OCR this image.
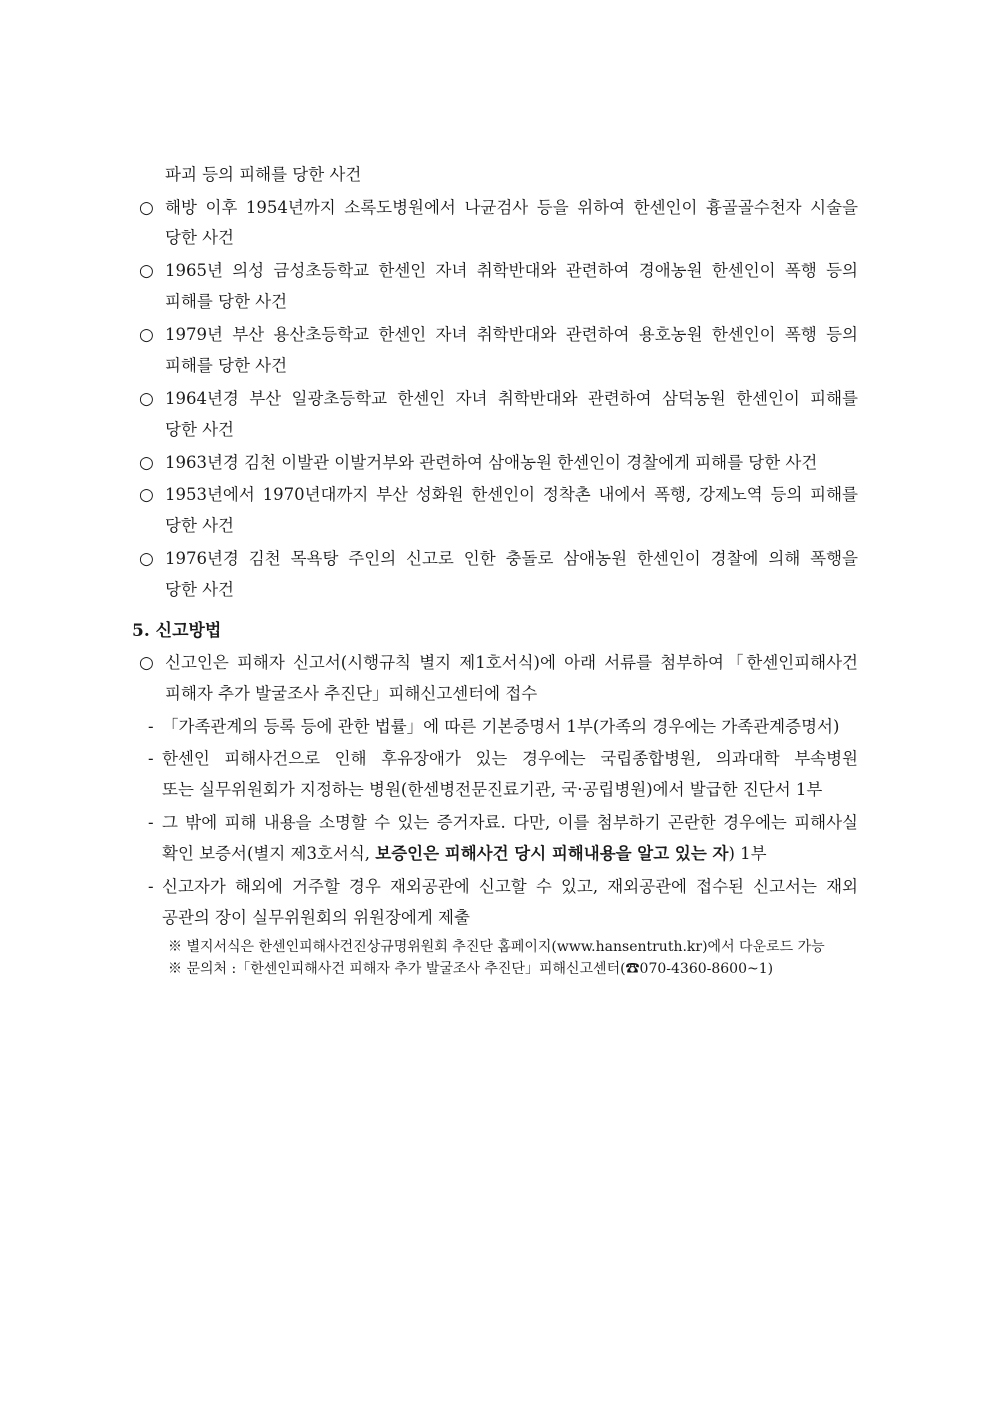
파괴 등의 피해를 당한 사건
○ 해방 이후 1954년까지 소록도병원에서 나균검사 등을 위하여 한센인이 흉골골수천자 시술을
당한 사건
○ 1965년 의성 금성초등학교 한센인 자녀 취학반대와 관련하여 경애농원 한센인이 폭행 등의
피해를 당한 사건
○ 1979년 부산 용산초등학교 한센인 자녀 취학반대와 관련하여 용호농원 한센인이 폭행 등의
피해를 당한 사건
○ 1964년경 부산 일광초등학교 한센인 자녀 취학반대와 관련하여 삼덕농원 한센인이 피해를
당한 사건
○ 1963년경 김천 이발관 이발거부와 관련하여 삼애농원 한센인이 경찰에게 피해를 당한 사건
○ 1953년에서 1970년대까지 부산 성화원 한센인이 정착촌 내에서 폭행, 강제노역 등의 피해를
당한 사건
○ 1976년경 김천 목욕탕 주인의 신고로 인한 충돌로 삼애농원 한센인이 경찰에 의해 폭행을
당한 사건
5. 신고방법
○ 신고인은 피해자 신고서(시행규칙 별지 제1호서식)에 아래 서류를 첨부하여「한센인피해사건
피해자 추가 발굴조사 추진단」피해신고센터에 접수
- 「가족관계의 등록 등에 관한 법률」에 따른 기본증명서 1부(가족의 경우에는 가족관계증명서)
- 한센인 피해사건으로 인해 후유장애가 있는 경우에는 국립종합병원, 의과대학 부속병원
또는 실무위원회가 지정하는 병원(한센병전문진료기관, 국·공립병원)에서 발급한 진단서 1부
- 그 밖에 피해 내용을 소명할 수 있는 증거자료. 다만, 이를 첨부하기 곤란한 경우에는 피해사실
확인 보증서(별지 제3호서식, 보증인은 피해사건 당시 피해내용을 알고 있는 자) 1부
- 신고자가 해외에 거주할 경우 재외공관에 신고할 수 있고, 재외공관에 접수된 신고서는 재외
공관의 장이 실무위원회의 위원장에게 제출
※ 별지서식은 한센인피해사건진상규명위원회 추진단 홈페이지(www.hansentruth.kr)에서 다운로드 가능
※ 문의처 :「한센인피해사건 피해자 추가 발굴조사 추진단」피해신고센터(☎070-4360-8600~1)
